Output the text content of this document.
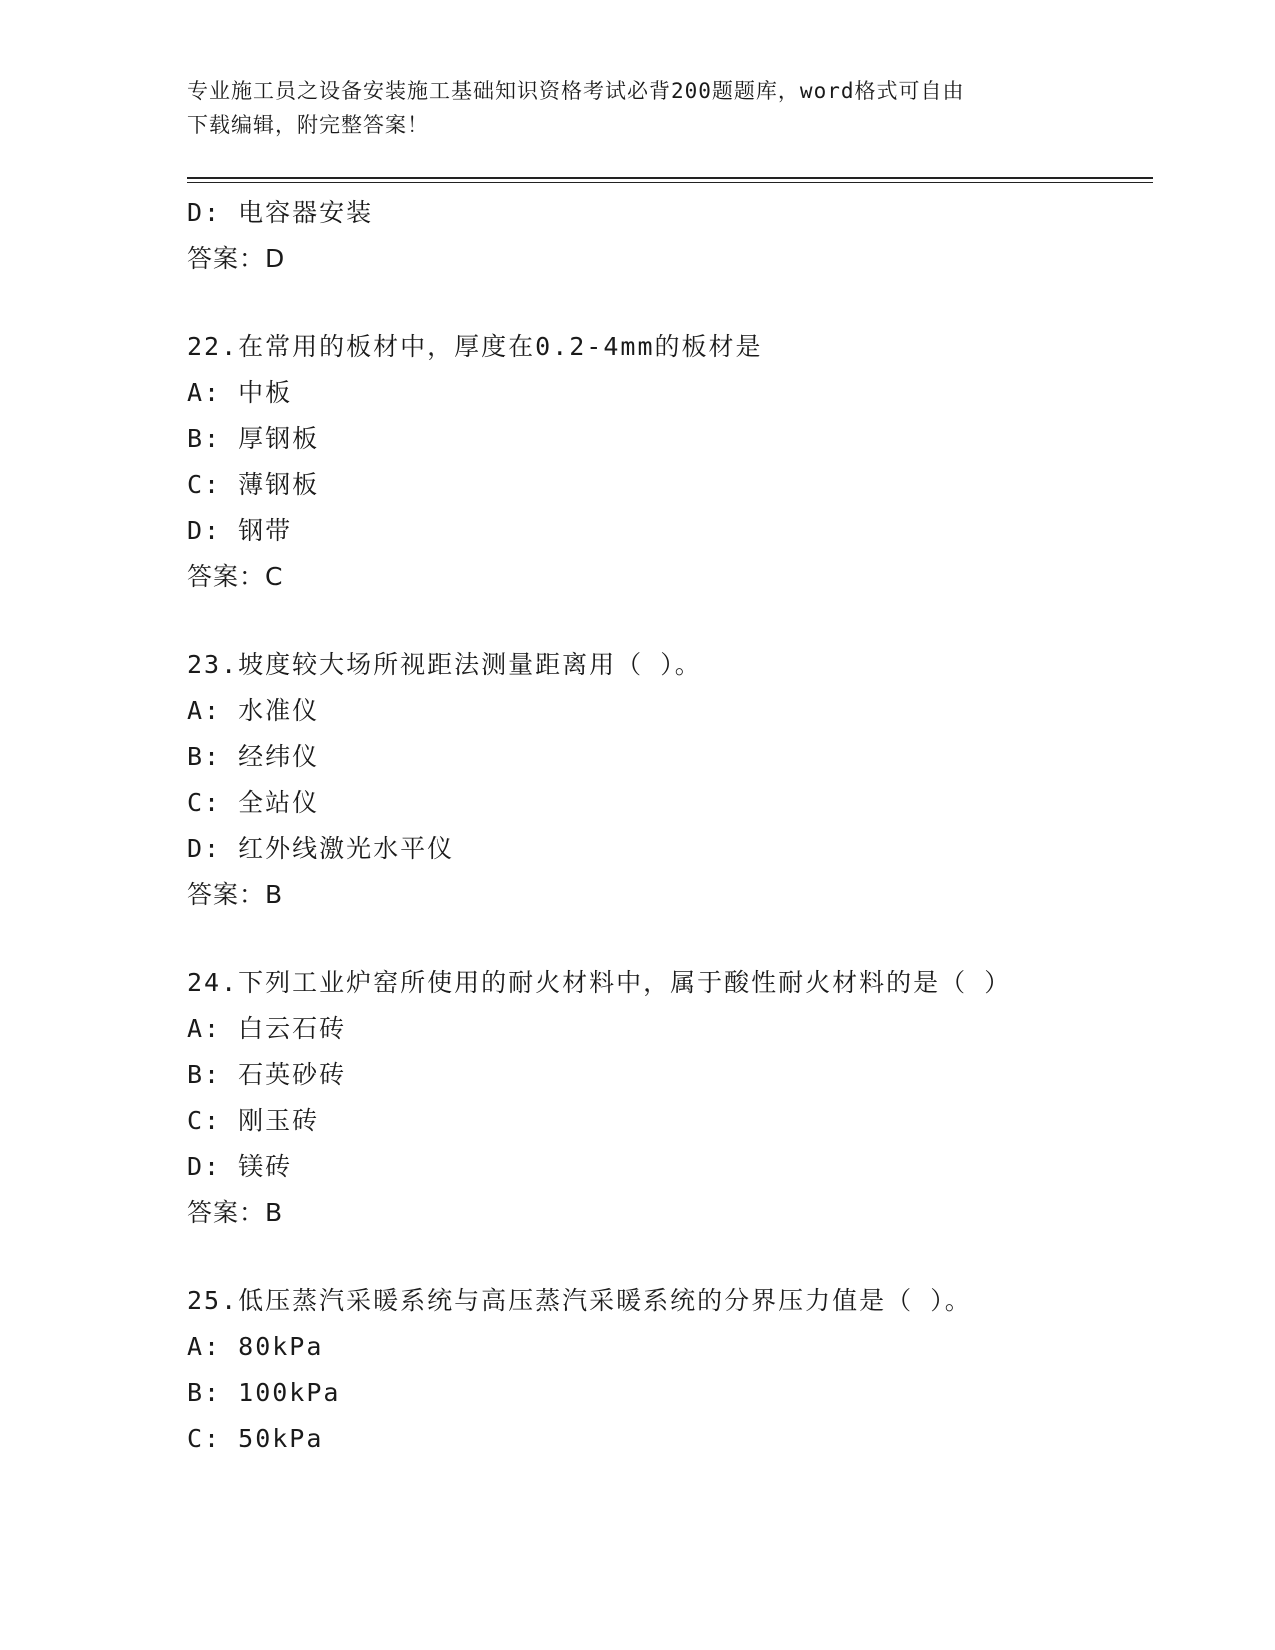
专业施工员之设备安装施工基础知识资格考试必背200题题库，word格式可自由
下载编辑，附完整答案！
D: 电容器安装
答案：D
22.在常用的板材中，厚度在0.2-4mm的板材是
A: 中板
B: 厚钢板
C: 薄钢板
D: 钢带
答案：C
23.坡度较大场所视距法测量距离用（ ）。
A: 水准仪
B: 经纬仪
C: 全站仪
D: 红外线激光水平仪
答案：B
24.下列工业炉窑所使用的耐火材料中，属于酸性耐火材料的是（ ）
A: 白云石砖
B: 石英砂砖
C: 刚玉砖
D: 镁砖
答案：B
25.低压蒸汽采暖系统与高压蒸汽采暖系统的分界压力值是（ ）。
A: 80kPa
B: 100kPa
C: 50kPa
